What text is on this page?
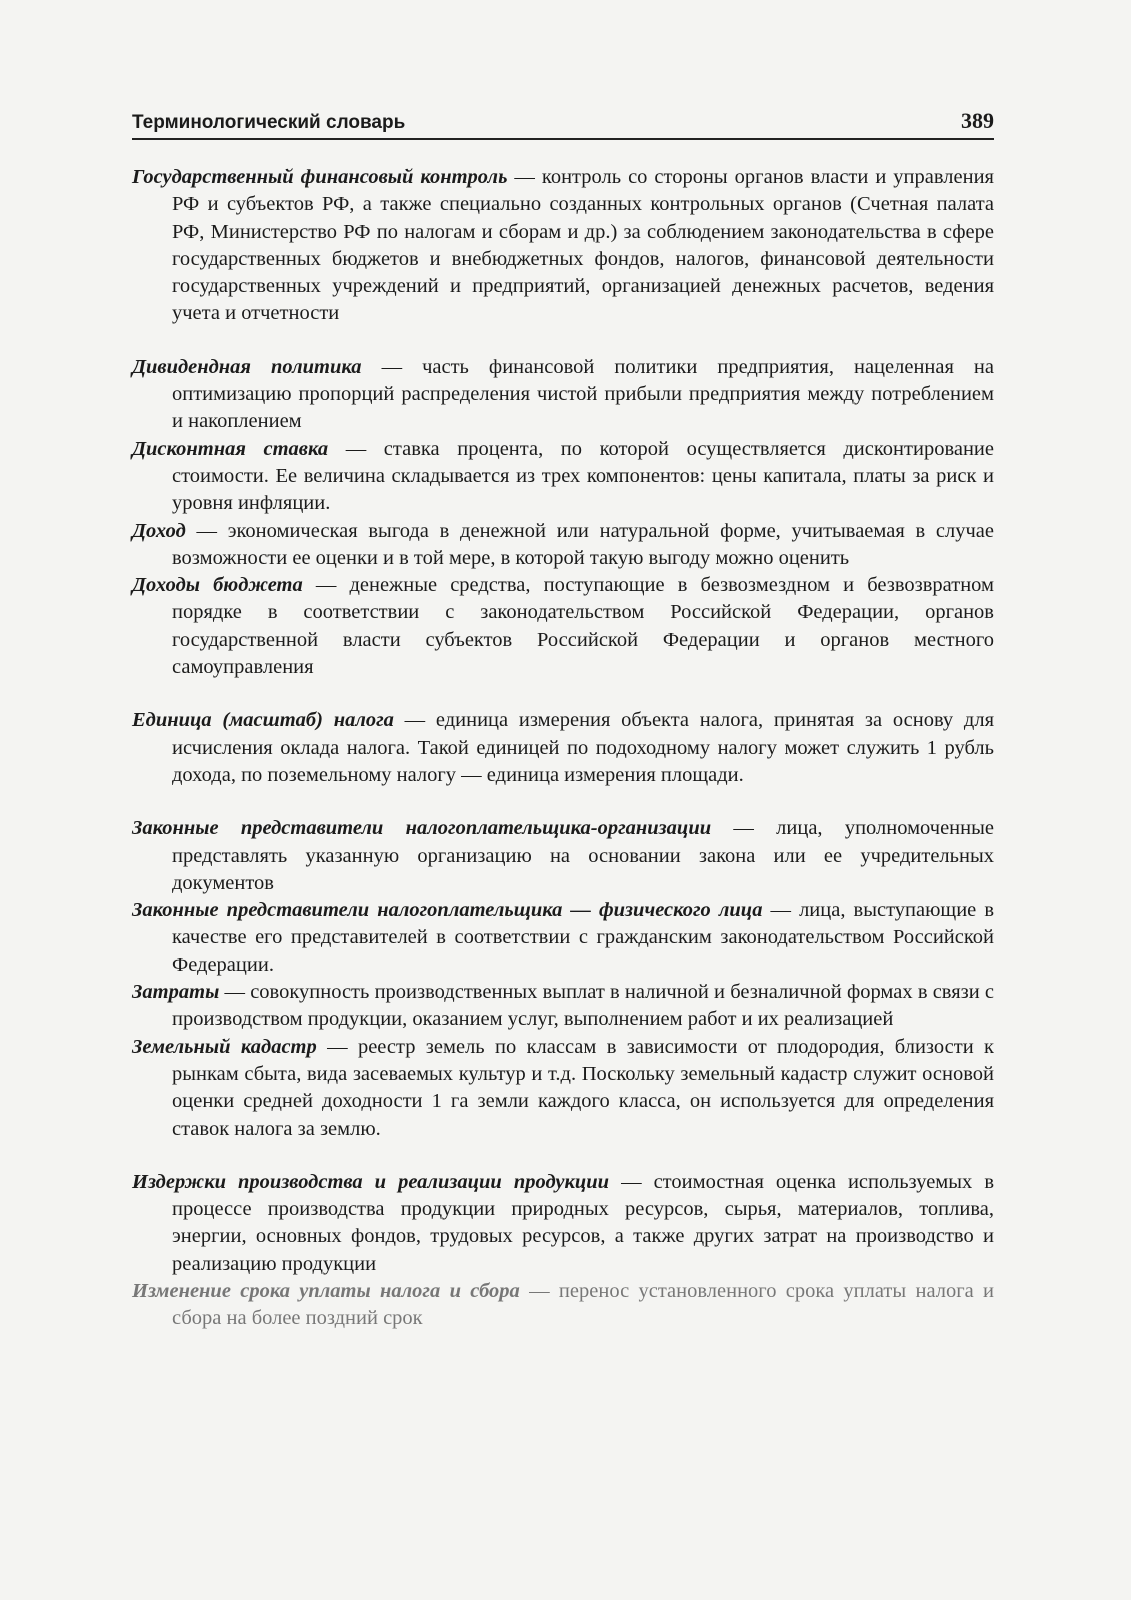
Терминологический словарь	389

Государственный финансовый контроль — контроль со стороны органов власти и управления РФ и субъектов РФ, а также специально созданных контрольных органов (Счетная палата РФ, Министерство РФ по налогам и сборам и др.) за соблюдением законодательства в сфере государственных бюджетов и внебюджетных фондов, налогов, финансовой деятельности государственных учреждений и предприятий, организацией денежных расчетов, ведения учета и отчетности

Дивидендная политика — часть финансовой политики предприятия, нацеленная на оптимизацию пропорций распределения чистой прибыли предприятия между потреблением и накоплением

Дисконтная ставка — ставка процента, по которой осуществляется дисконтирование стоимости. Ее величина складывается из трех компонентов: цены капитала, платы за риск и уровня инфляции.

Доход — экономическая выгода в денежной или натуральной форме, учитываемая в случае возможности ее оценки и в той мере, в которой такую выгоду можно оценить

Доходы бюджета — денежные средства, поступающие в безвозмездном и безвозвратном порядке в соответствии с законодательством Российской Федерации, органов государственной власти субъектов Российской Федерации и органов местного самоуправления

Единица (масштаб) налога — единица измерения объекта налога, принятая за основу для исчисления оклада налога. Такой единицей по подоходному налогу может служить 1 рубль дохода, по поземельному налогу — единица измерения площади.

Законные представители налогоплательщика-организации — лица, уполномоченные представлять указанную организацию на основании закона или ее учредительных документов

Законные представители налогоплательщика — физического лица — лица, выступающие в качестве его представителей в соответствии с гражданским законодательством Российской Федерации.

Затраты — совокупность производственных выплат в наличной и безналичной формах в связи с производством продукции, оказанием услуг, выполнением работ и их реализацией

Земельный кадастр — реестр земель по классам в зависимости от плодородия, близости к рынкам сбыта, вида засеваемых культур и т.д. Поскольку земельный кадастр служит основой оценки средней доходности 1 га земли каждого класса, он используется для определения ставок налога за землю.

Издержки производства и реализации продукции — стоимостная оценка используемых в процессе производства продукции природных ресурсов, сырья, материалов, топлива, энергии, основных фондов, трудовых ресурсов, а также других затрат на производство и реализацию продукции

Изменение срока уплаты налога и сбора — перенос установленного срока уплаты налога и сбора на более поздний срок
